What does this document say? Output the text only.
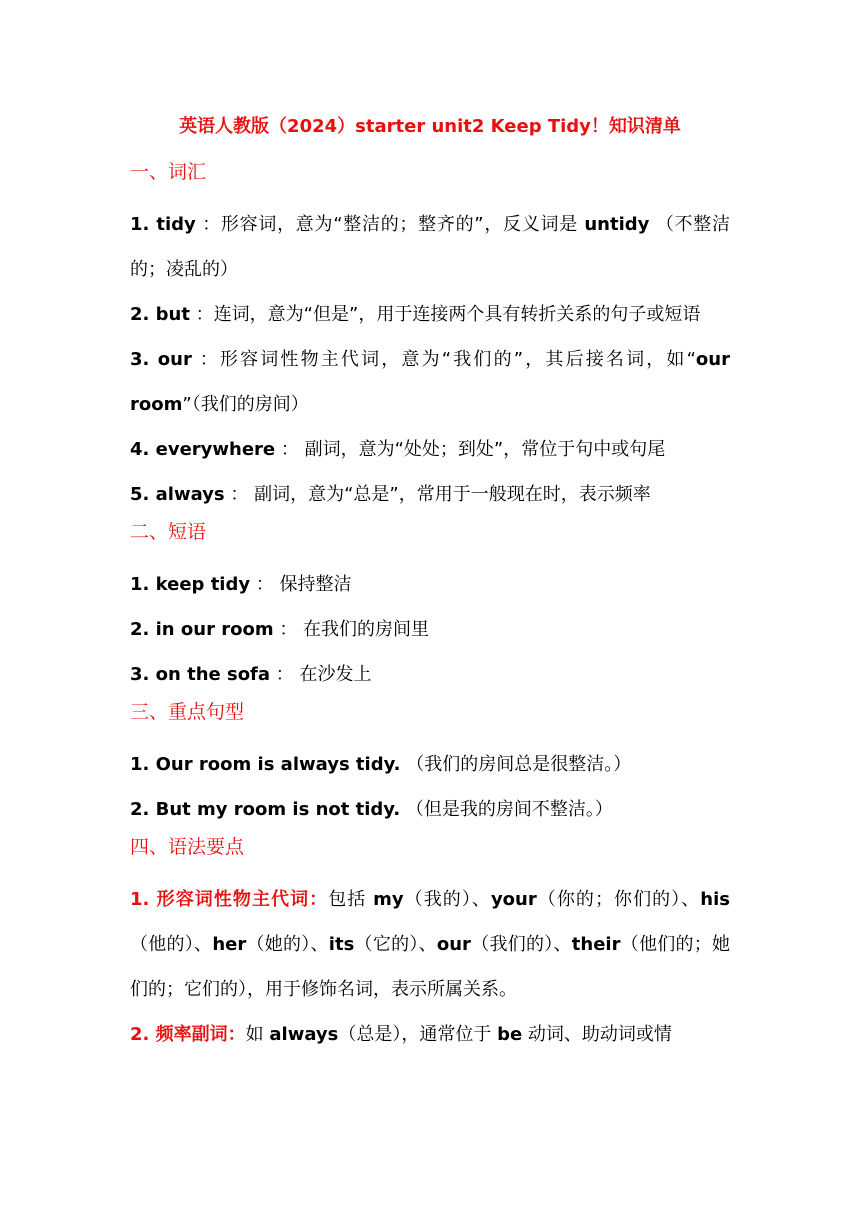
英语人教版（2024）starter unit2 Keep Tidy！知识清单
一、词汇

1. tidy ：形容词，意为“整洁的；整齐的”，反义词是 untidy （不整洁的；凌乱的）

2. but ：连词，意为“但是”，用于连接两个具有转折关系的句子或短语

3. our ：形容词性物主代词，意为“我们的”，其后接名词，如“our room”（我们的房间）

4. everywhere ： 副词，意为“处处；到处”，常位于句中或句尾

5. always ： 副词，意为“总是”，常用于一般现在时，表示频率

二、短语

1. keep tidy ： 保持整洁

2. in our room ： 在我们的房间里

3. on the sofa ： 在沙发上

三、重点句型

1. Our room is always tidy. （我们的房间总是很整洁。）

2. But my room is not tidy. （但是我的房间不整洁。）

四、语法要点

1. 形容词性物主代词：包括 my（我的）、your（你的；你们的）、his（他的）、her（她的）、its（它的）、our（我们的）、their（他们的；她们的；它们的），用于修饰名词，表示所属关系。

2. 频率副词：如 always（总是），通常位于 be 动词、助动词或情
